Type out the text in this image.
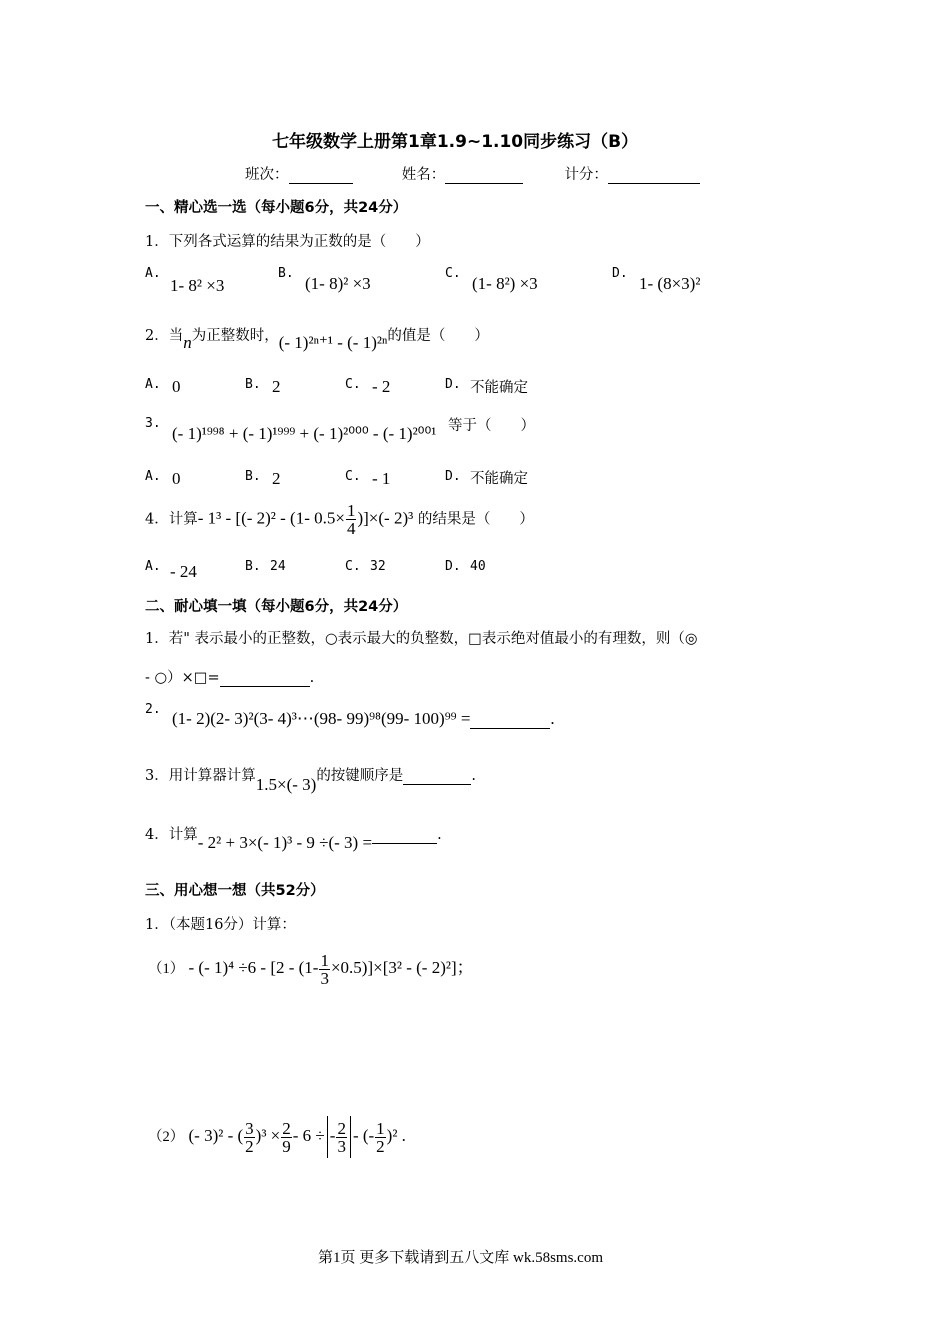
七年级数学上册第1章1.9~1.10同步练习（B）
班次：	姓名：	计分：
一、精心选一选（每小题6分，共24分）
1．下列各式运算的结果为正数的是（　　）
A.
1- 8² ×3
B.
(1- 8)² ×3
C.
(1- 8²) ×3
D.
1- (8×3)²
2．当n为正整数时，(- 1)²ⁿ⁺¹ - (- 1)²ⁿ的值是（　　）
A. 0	B. 2	C. - 2	D. 不能确定
3.
(- 1)¹⁹⁹⁸ + (- 1)¹⁹⁹⁹ + (- 1)²⁰⁰⁰ - (- 1)²⁰⁰¹ 等于（　　）
A. 0	B. 2	C. - 1	D. 不能确定
4．计算- 1³ - [(- 2)² - (1- $0.5\times \frac{1}{4}$ )]×(- 2)³ 的结果是（　　）
A. - 24	B. 24	C. 32	D. 40
二、耐心填一填（每小题6分，共24分）
1．若" 表示最小的正整数，○表示最大的负整数，□表示绝对值最小的有理数，则（◎
- ○）×□=	.
2. (1- 2)(2- 3)²(3- 4)³⋯(98- 99)⁹⁸(99- 100)⁹⁹ =	.
3．用计算器计算1.5×(- 3)的按键顺序是	.
4．计算- 2² + 3×(- 1)³ - 9 ÷(- 3) =	.
三、用心想一想（共52分）
1．（本题16分）计算：
（1） - (- $1)^4 \div 6 - [2 - (1- \frac{1}{3} \times 0.5)]\times[3^2$ - (- 2)²]；
（2） (- 3)² - ( $\frac{3}{2} )^3 \times \frac{2}{9} - 6$ ÷ - $\frac{2}{3}$ - (- $\frac{1}{2} )^2$ .
第1页 更多下载请到五八文库 wk.58sms.com
